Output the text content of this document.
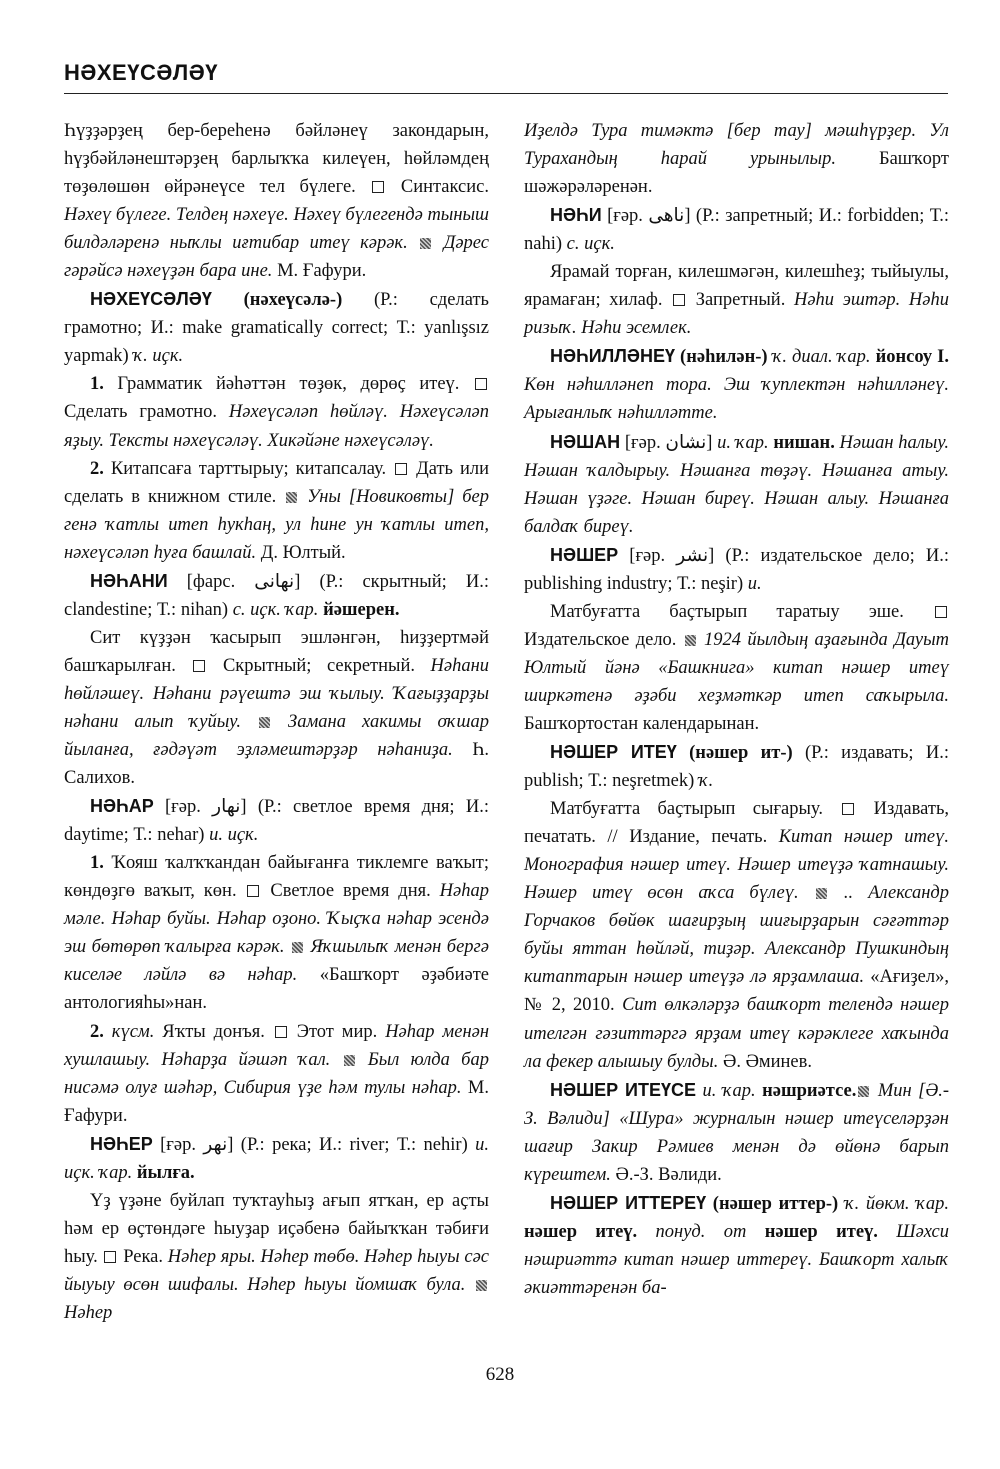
НӘХЕҮСӘЛӘҮ

Һүҙҙәрҙең бер-береһенә бәйләнеү закондарын, һүҙбәйләнештәрҙең барлыҡҡа килеүен, һөйләмдең төҙөлөшөн өйрәнеүсе тел бүлеге.  Синтаксис. Нәхеү бүлеге. Телдең нәхеүе. Нәхеү бүлегендә тыныш билдәләренә ныҡлы иғтибар итеү кәрәк.  Дәрес гәрәйсә нәхеүҙән бара ине. М. Ғафури.

НӘХЕҮСӘЛӘҮ (нәхеүсәлә-) (Р.: сделать грамотно; И.: make gramatically correct; Т.: yanlışsız yapmak) ҡ. иҫк.

1. Грамматик йәһәттән төҙөк, дөрөҫ итеү.  Сделать грамотно. Нәхеүсәләп һөйләү. Нәхеүсәләп яҙыу. Тексты нәхеүсәләү. Хикәйәне нәхеүсәләү.

2. Китапсаға тарттырыу; китапсалау.  Дать или сделать в книжном стиле.  Уны [Новиковты] бер генә ҡатлы итеп һукһаң, ул һине ун ҡатлы итеп, нәхеүсәләп һуға башлай. Д. Юлтый.

НӘҺАНИ [фарс. نهانى] (Р.: скрытный; И.: clandestine; Т.: nihan) с. иҫк. ҡар. йәшерен.

Сит күҙҙән ҡасырып эшләнгән, һиҙҙертмәй башҡарылған.  Скрытный; секретный. Нәһани һөйләшеү. Нәһани рәүештә эш ҡылыу. Ҡағыҙҙарҙы нәһани алып ҡуйыу.  Замана хакимы оҡшар йыланға, ғәдәүәт эҙләмештәрҙәр нәһаниҙа. Һ. Салихов.

НӘҺАР [ғәр. نهار] (Р.: светлое время дня; И.: daytime; Т.: nehar) и. иҫк.

1. Ҡояш ҡалҡҡандан байығанға тиклемге ваҡыт; көндөҙгө ваҡыт, көн.  Светлое время дня. Нәһар мәле. Нәһар буйы. Нәһар оҙоно. Ҡыҫҡа нәһар эсендә эш бөтөрөп ҡалырға кәрәк.  Яҡшылыҡ менән бергә киселәе ләйлә вә нәһар. «Башҡорт әҙәбиәте антологияһы»нан.

2. күсм. Яҡты донъя.  Этот мир. Нәһар менән хушлашыу. Нәһарҙа йәшәп ҡал.  Был юлда бар нисәмә олуғ шәһәр, Сибирия үҙе һәм тулы нәһар. М. Ғафури.

НӘҺЕР [ғәр. نهر] (Р.: река; И.: river; Т.: nehir) и. иҫк. ҡар. йылға.

Үҙ үҙәне буйлап туҡтауһыҙ ағып ятҡан, ер аҫты һәм ер өҫтөндәге һыуҙар иҫәбенә байыҡҡан тәбиғи һыу.  Река. Нәһер яры. Нәһер төбө. Нәһер һыуы сәс йыуыу өсөн шифалы. Нәһер һыуы йомшаҡ була.  Нәһер

Иҙелдә Тура тимәктә [бер тау] мәшһүрҙер. Ул Турахандың һарай урынылыр. Башҡорт шәжәрәләренән.

НӘҺИ [ғәр. ناهى] (Р.: запретный; И.: forbidden; Т.: nahi) с. иҫк.

Ярамай торған, килешмәгән, килешһеҙ; тыйыулы, ярамаған; хилаф.  Запретный. Нәһи эштәр. Нәһи ризыҡ. Нәһи эсемлек.

НӘҺИЛЛӘНЕҮ (нәһилән-) ҡ. диал. ҡар. йонсоу I. Көн нәһилләнеп тора. Эш ҡуплектән нәһилләнеү. Арығанлыҡ нәһилләтте.

НӘШАН [ғәр. نشان] и. ҡар. нишан. Нәшан һалыу. Нәшан ҡалдырыу. Нәшанға төҙәү. Нәшанға атыу. Нәшан үҙәге. Нәшан биреү. Нәшан алыу. Нәшанға балдаҡ биреү.

НӘШЕР [ғәр. نشر] (Р.: издательское дело; И.: publishing industry; Т.: neşir) и.

Матбуғатта баҫтырып таратыу эше.  Издательское дело.  1924 йылдың аҙағында Дауыт Юлтый йәнә «Башкнига» китап нәшер итеү ширкәтенә әҙәби хеҙмәткәр итеп саҡырыла. Башҡортостан календарынан.

НӘШЕР ИТЕҮ (нәшер ит-) (Р.: издавать; И.: publish; Т.: neşretmek) ҡ.

Матбуғатта баҫтырып сығарыу.  Издавать, печатать. // Издание, печать. Китап нәшер итеү. Монография нәшер итеү. Нәшер итеүҙә ҡатнашыу. Нәшер итеү өсөн аҡса бүлеү.  .. Александр Горчаков бөйөк шағирҙың шиғырҙарын сәғәттәр буйы яттан һөйләй, тиҙәр. Александр Пушкиндың китаптарын нәшер итеүҙә лә ярҙамлаша. «Ағиҙел», № 2, 2010. Сит өлкәләрҙә башҡорт телендә нәшер ителгән гәзиттәргә ярҙам итеү кәрәклеге хаҡында ла фекер алышыу булды. Ә. Әминев.

НӘШЕР ИТЕҮСЕ и. ҡар. нәшриәтсе. Мин [Ә.-З. Вәлиди] «Шура» журналын нәшер итеүселәрҙән шағир Закир Рәмиев менән дә өйөнә барып күрештем. Ә.-З. Вәлиди.

НӘШЕР ИТТЕРЕҮ (нәшер иттер-) ҡ. йөкм. ҡар. нәшер итеү. понуд. от нәшер итеү. Шәхси нәшриәттә китап нәшер иттереү. Башҡорт халыҡ әкиәттәренән ба-

628
